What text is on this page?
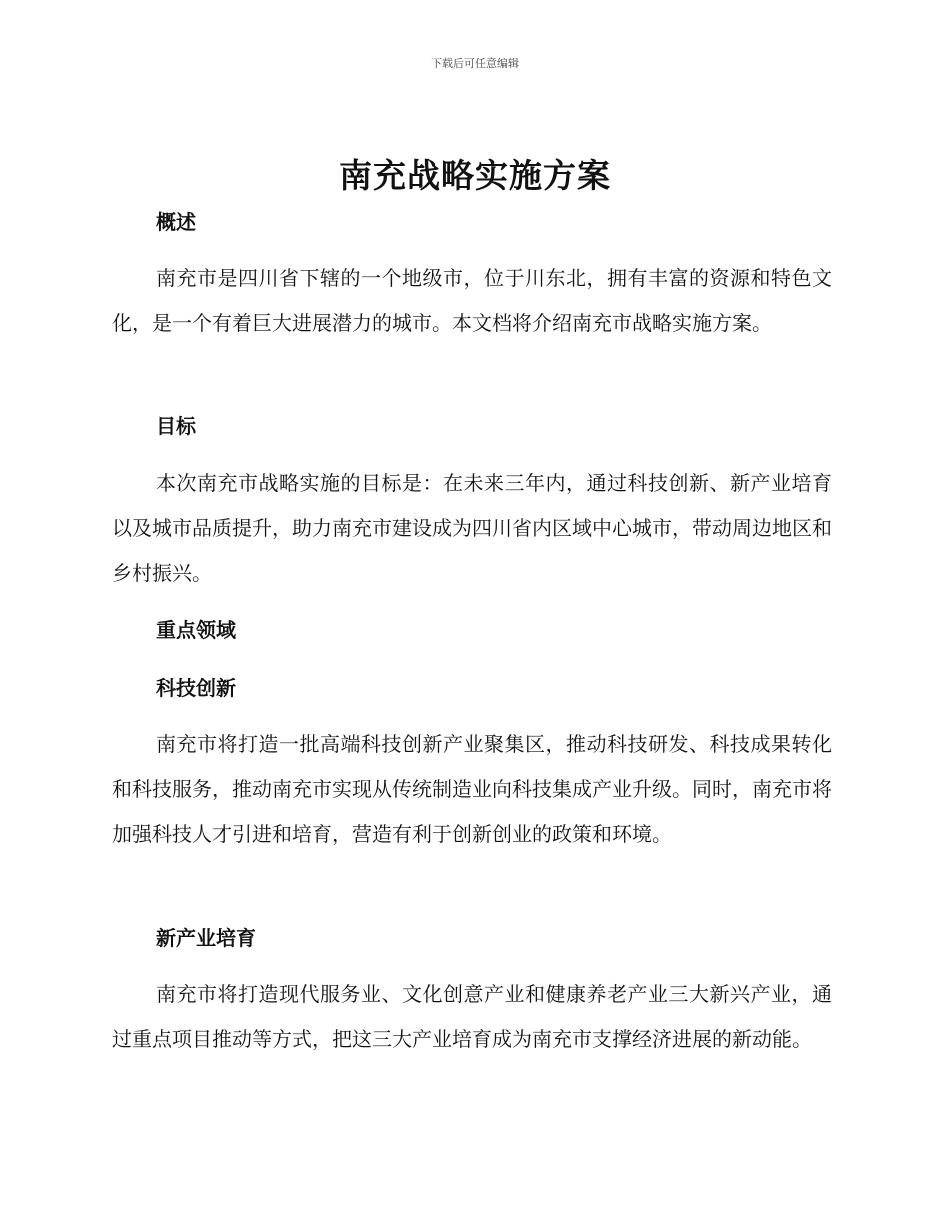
下载后可任意编辑
南充战略实施方案
概述
南充市是四川省下辖的一个地级市，位于川东北，拥有丰富的资源和特色文化，是一个有着巨大进展潜力的城市。本文档将介绍南充市战略实施方案。
目标
本次南充市战略实施的目标是：在未来三年内，通过科技创新、新产业培育以及城市品质提升，助力南充市建设成为四川省内区域中心城市，带动周边地区和乡村振兴。
重点领域
科技创新
南充市将打造一批高端科技创新产业聚集区，推动科技研发、科技成果转化和科技服务，推动南充市实现从传统制造业向科技集成产业升级。同时，南充市将加强科技人才引进和培育，营造有利于创新创业的政策和环境。
新产业培育
南充市将打造现代服务业、文化创意产业和健康养老产业三大新兴产业，通过重点项目推动等方式，把这三大产业培育成为南充市支撑经济进展的新动能。
